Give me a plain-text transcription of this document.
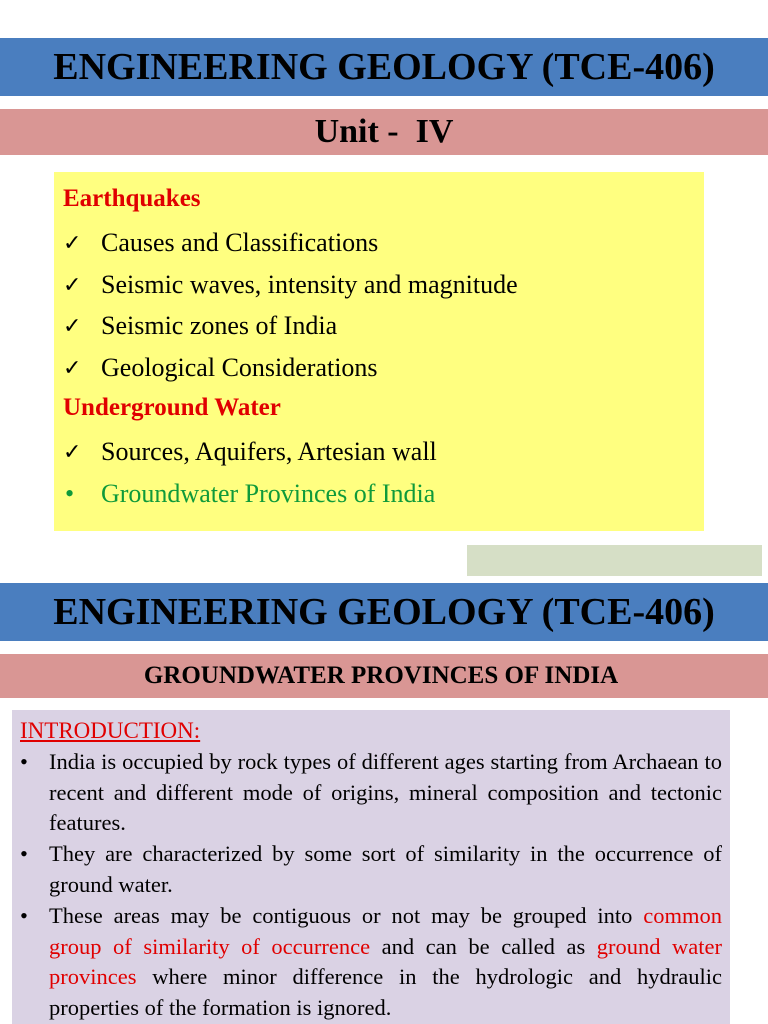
ENGINEERING GEOLOGY (TCE-406)
Unit -  IV
Earthquakes
✓ Causes and Classifications
✓ Seismic waves, intensity and magnitude
✓ Seismic zones of India
✓ Geological Considerations
Underground Water
✓ Sources, Aquifers, Artesian wall
•	Groundwater Provinces of India
ENGINEERING GEOLOGY (TCE-406)
GROUNDWATER PROVINCES OF INDIA
INTRODUCTION:
• India is occupied by rock types of different ages starting from Archaean to recent and different mode of origins, mineral composition and tectonic features.
• They are characterized by some sort of similarity in the occurrence of ground water.
• These areas may be contiguous or not may be grouped into common group of similarity of occurrence and can be called as ground water provinces where minor difference in the hydrologic and hydraulic properties of the formation is ignored.
